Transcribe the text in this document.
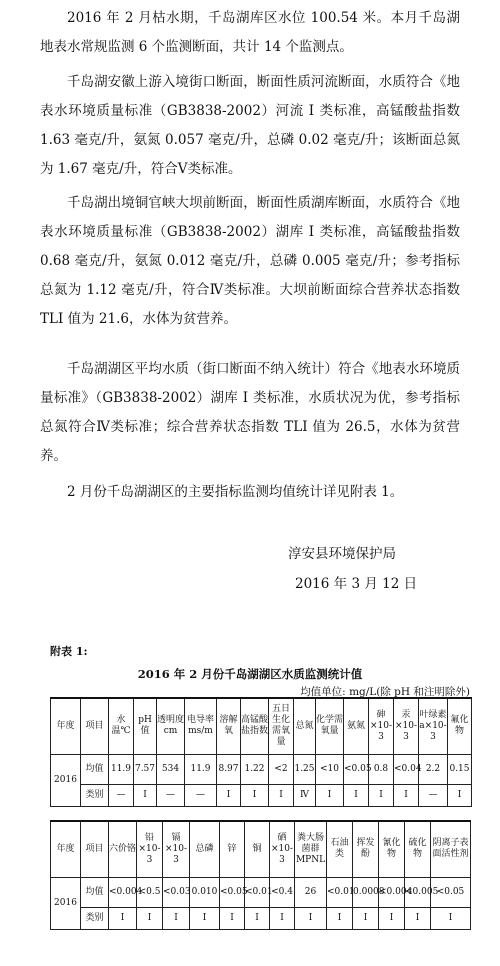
2016 年 2 月枯水期，千岛湖库区水位 100.54 米。本月千岛湖地表水常规监测 6 个监测断面，共计 14 个监测点。

千岛湖安徽上游入境街口断面，断面性质河流断面，水质符合《地表水环境质量标准（GB3838-2002）河流 Ⅰ 类标准，高锰酸盐指数 1.63 毫克/升，氨氮 0.057 毫克/升，总磷 0.02 毫克/升；该断面总氮为 1.67 毫克/升，符合Ⅴ类标准。

千岛湖出境铜官峡大坝前断面，断面性质湖库断面，水质符合《地表水环境质量标准（GB3838-2002）湖库 Ⅰ 类标准，高锰酸盐指数 0.68 毫克/升，氨氮 0.012 毫克/升，总磷 0.005 毫克/升；参考指标总氮为 1.12 毫克/升，符合Ⅳ类标准。大坝前断面综合营养状态指数 TLI 值为 21.6，水体为贫营养。

千岛湖湖区平均水质（街口断面不纳入统计）符合《地表水环境质量标准》（GB3838-2002）湖库 Ⅰ 类标准，水质状况为优，参考指标总氮符合Ⅳ类标准；综合营养状态指数 TLI 值为 26.5，水体为贫营养。

2 月份千岛湖湖区的主要指标监测均值统计详见附表 1。

淳安县环境保护局
2016 年 3 月 12 日
附表 1:
2016 年 2 月份千岛湖湖区水质监测统计值
均值单位: mg/L(除 pH 和注明除外)
年度	项目	水温℃	pH值	透明度cm	电导率ms/m	溶解氧	高锰酸盐指数	五日生化需氧量	总氮	化学需氧量	氨氮	砷×10-3	汞×10-3	叶绿素a×10-3	氟化物
2016	均值	11.9	7.57	534	11.9	8.97	1.22	<2	1.25	<10	<0.05	0.8	<0.04	2.2	0.15
	类别	—	Ⅰ	—	—	Ⅰ	Ⅰ	Ⅰ	Ⅳ	Ⅰ	Ⅰ	Ⅰ	Ⅰ	—	Ⅰ
年度	项目	六价铬	铅×10-3	镉×10-3	总磷	锌	铜	硒×10-3	粪大肠菌群MPNL	石油类	挥发酚	氰化物	硫化物	阴离子表面活性剂
2016	均值	<0.004	<0.5	<0.03	0.010	<0.05	<0.01	<0.4	26	<0.01	0.0008	<0.004	<0.005	<0.05
	类别	Ⅰ	Ⅰ	Ⅰ	Ⅰ	Ⅰ	Ⅰ	Ⅰ	Ⅰ	Ⅰ	Ⅰ	Ⅰ	Ⅰ	Ⅰ
